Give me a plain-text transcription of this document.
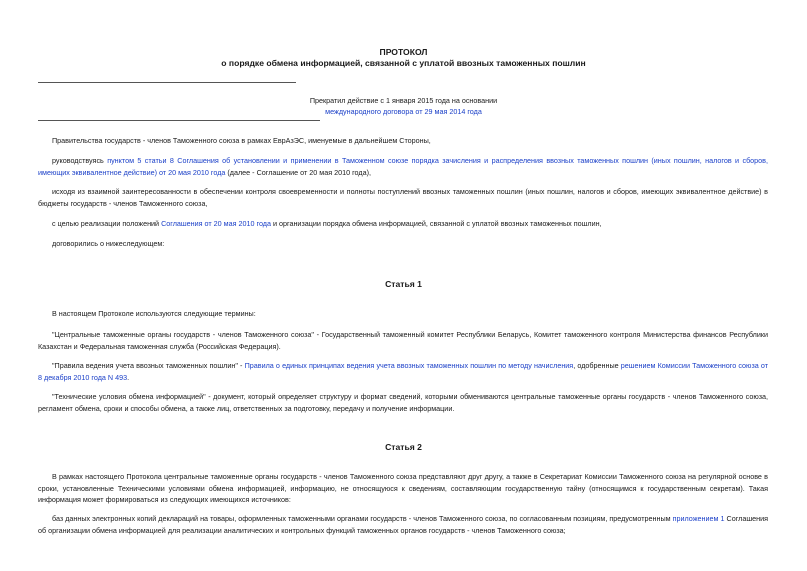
ПРОТОКОЛ
о порядке обмена информацией, связанной с уплатой ввозных таможенных пошлин
Прекратил действие с 1 января 2015 года на основании
международного договора от 29 мая 2014 года

Правительства государств - членов Таможенного союза в рамках ЕврАзЭС, именуемые в дальнейшем Стороны,

руководствуясь пунктом 5 статьи 8 Соглашения об установлении и применении в Таможенном союзе порядка зачисления и распределения ввозных таможенных пошлин (иных пошлин, налогов и сборов, имеющих эквивалентное действие) от 20 мая 2010 года (далее - Соглашение от 20 мая 2010 года),

исходя из взаимной заинтересованности в обеспечении контроля своевременности и полноты поступлений ввозных таможенных пошлин (иных пошлин, налогов и сборов, имеющих эквивалентное действие) в бюджеты государств - членов Таможенного союза,

с целью реализации положений Соглашения от 20 мая 2010 года и организации порядка обмена информацией, связанной с уплатой ввозных таможенных пошлин,

договорились о нижеследующем:

Статья 1

В настоящем Протоколе используются следующие термины:

"Центральные таможенные органы государств - членов Таможенного союза" - Государственный таможенный комитет Республики Беларусь, Комитет таможенного контроля Министерства финансов Республики Казахстан и Федеральная таможенная служба (Российская Федерация).

"Правила ведения учета ввозных таможенных пошлин" - Правила о единых принципах ведения учета ввозных таможенных пошлин по методу начисления, одобренные решением Комиссии Таможенного союза от 8 декабря 2010 года N 493.

"Технические условия обмена информацией" - документ, который определяет структуру и формат сведений, которыми обмениваются центральные таможенные органы государств - членов Таможенного союза, регламент обмена, сроки и способы обмена, а также лиц, ответственных за подготовку, передачу и получение информации.

Статья 2

В рамках настоящего Протокола центральные таможенные органы государств - членов Таможенного союза представляют друг другу, а также в Секретариат Комиссии Таможенного союза на регулярной основе в сроки, установленные Техническими условиями обмена информацией, информацию, не относящуюся к сведениям, составляющим государственную тайну (относящимся к государственным секретам). Такая информация может формироваться из следующих имеющихся источников:

баз данных электронных копий деклараций на товары, оформленных таможенными органами государств - членов Таможенного союза, по согласованным позициям, предусмотренным приложением 1 Соглашения об организации обмена информацией для реализации аналитических и контрольных функций таможенных органов государств - членов Таможенного союза;
